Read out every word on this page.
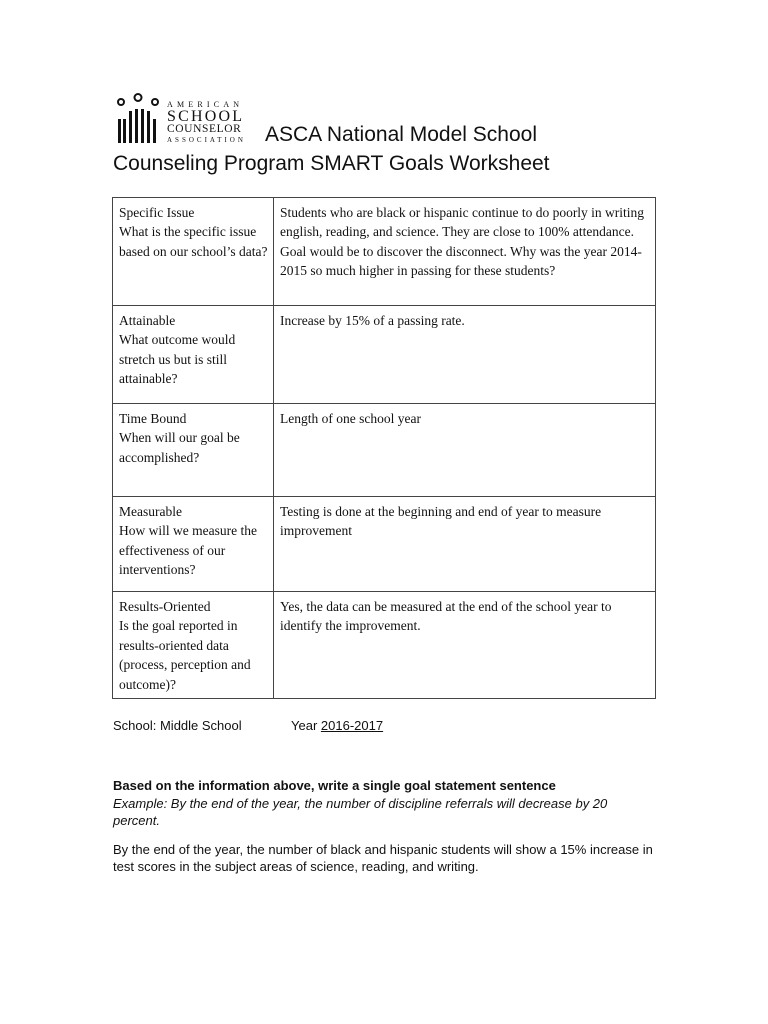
AMERICAN
SCHOOL
COUNSELOR
ASSOCIATION ASCA National Model School
Counseling Program SMART Goals Worksheet
Specific Issue
What is the specific issue based on our school’s data?	Students who are black or hispanic continue to do poorly in writing english, reading, and science. They are close to 100% attendance. Goal would be to discover the disconnect. Why was the year 2014-2015 so much higher in passing for these students?

Attainable
What outcome would stretch us but is still attainable?	Increase by 15% of a passing rate.

Time Bound
When will our goal be accomplished?	Length of one school year

Measurable
How will we measure the effectiveness of our interventions?	Testing is done at the beginning and end of year to measure improvement

Results-Oriented
Is the goal reported in results-oriented data (process, perception and outcome)?	Yes, the data can be measured at the end of the school year to identify the improvement.
School: Middle School	Year 2016-2017
Based on the information above, write a single goal statement sentence
Example: By the end of the year, the number of discipline referrals will decrease by 20 percent.
By the end of the year, the number of black and hispanic students will show a 15% increase in test scores in the subject areas of science, reading, and writing.
